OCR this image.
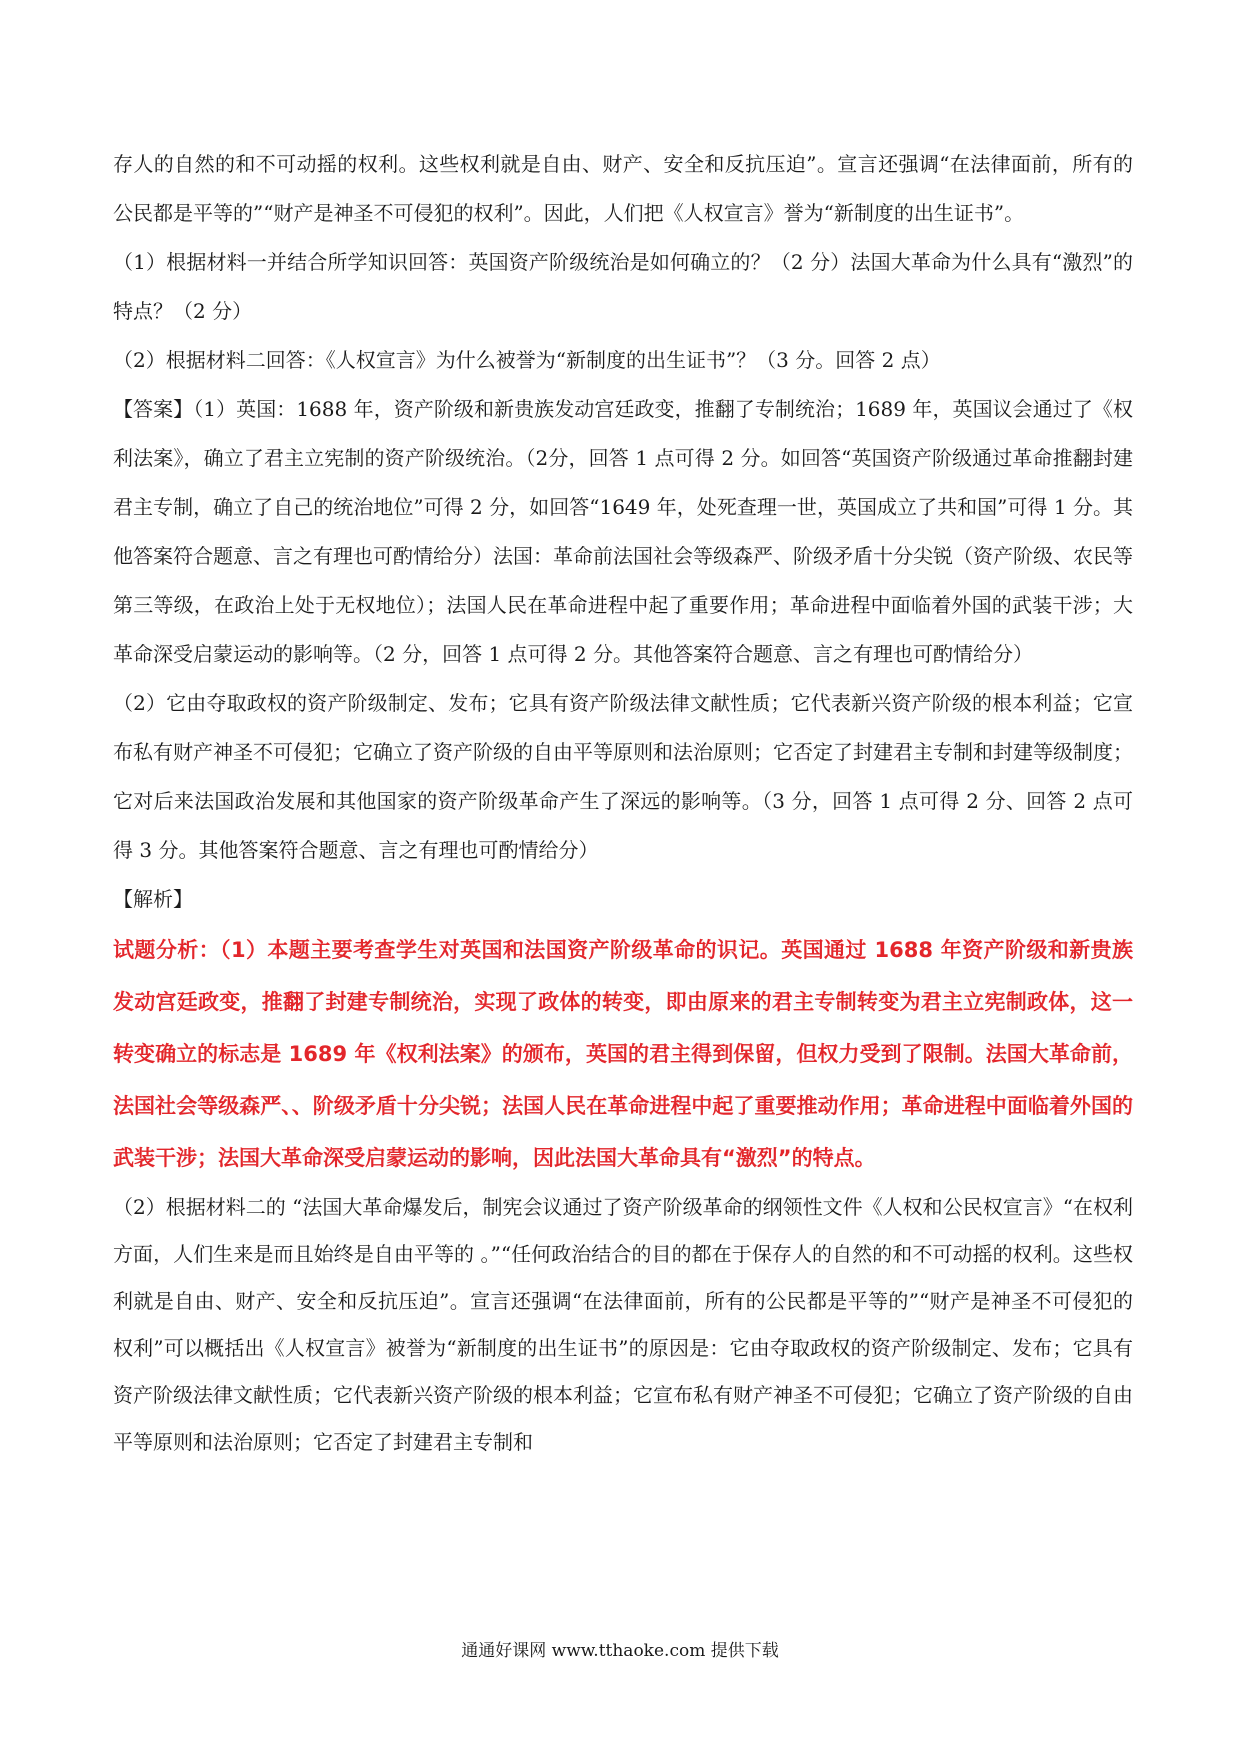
存人的自然的和不可动摇的权利。这些权利就是自由、财产、安全和反抗压迫”。宣言还强调“在法律面前，所有的公民都是平等的”“财产是神圣不可侵犯的权利”。因此，人们把《人权宣言》誉为“新制度的出生证书”。

（1）根据材料一并结合所学知识回答：英国资产阶级统治是如何确立的？（2 分）法国大革命为什么具有“激烈”的特点？（2 分）

（2）根据材料二回答：《人权宣言》为什么被誉为“新制度的出生证书”？（3 分。回答 2 点）

【答案】（1）英国：1688 年，资产阶级和新贵族发动宫廷政变，推翻了专制统治；1689 年，英国议会通过了《权利法案》，确立了君主立宪制的资产阶级统治。（2分，回答 1 点可得 2 分。如回答“英国资产阶级通过革命推翻封建君主专制，确立了自己的统治地位”可得 2 分，如回答“1649 年，处死查理一世，英国成立了共和国”可得 1 分。其他答案符合题意、言之有理也可酌情给分）法国：革命前法国社会等级森严、阶级矛盾十分尖锐（资产阶级、农民等第三等级，在政治上处于无权地位）；法国人民在革命进程中起了重要作用；革命进程中面临着外国的武装干涉；大革命深受启蒙运动的影响等。（2 分，回答 1 点可得 2 分。其他答案符合题意、言之有理也可酌情给分）

（2）它由夺取政权的资产阶级制定、发布；它具有资产阶级法律文献性质；它代表新兴资产阶级的根本利益；它宣布私有财产神圣不可侵犯；它确立了资产阶级的自由平等原则和法治原则；它否定了封建君主专制和封建等级制度；它对后来法国政治发展和其他国家的资产阶级革命产生了深远的影响等。（3 分，回答 1 点可得 2 分、回答 2 点可得 3 分。其他答案符合题意、言之有理也可酌情给分）

【解析】

试题分析：（1）本题主要考查学生对英国和法国资产阶级革命的识记。英国通过 1688 年资产阶级和新贵族发动宫廷政变，推翻了封建专制统治，实现了政体的转变，即由原来的君主专制转变为君主立宪制政体，这一转变确立的标志是 1689 年《权利法案》的颁布，英国的君主得到保留，但权力受到了限制。法国大革命前，法国社会等级森严、、阶级矛盾十分尖锐；法国人民在革命进程中起了重要推动作用；革命进程中面临着外国的武装干涉；法国大革命深受启蒙运动的影响，因此法国大革命具有“激烈”的特点。

（2）根据材料二的 “法国大革命爆发后，制宪会议通过了资产阶级革命的纲领性文件《人权和公民权宣言》“在权利方面，人们生来是而且始终是自由平等的 。”“任何政治结合的目的都在于保存人的自然的和不可动摇的权利。这些权利就是自由、财产、安全和反抗压迫”。宣言还强调“在法律面前，所有的公民都是平等的”“财产是神圣不可侵犯的权利”可以概括出《人权宣言》被誉为“新制度的出生证书”的原因是：它由夺取政权的资产阶级制定、发布；它具有资产阶级法律文献性质；它代表新兴资产阶级的根本利益；它宣布私有财产神圣不可侵犯；它确立了资产阶级的自由平等原则和法治原则；它否定了封建君主专制和

通通好课网 www.tthaoke.com 提供下载
